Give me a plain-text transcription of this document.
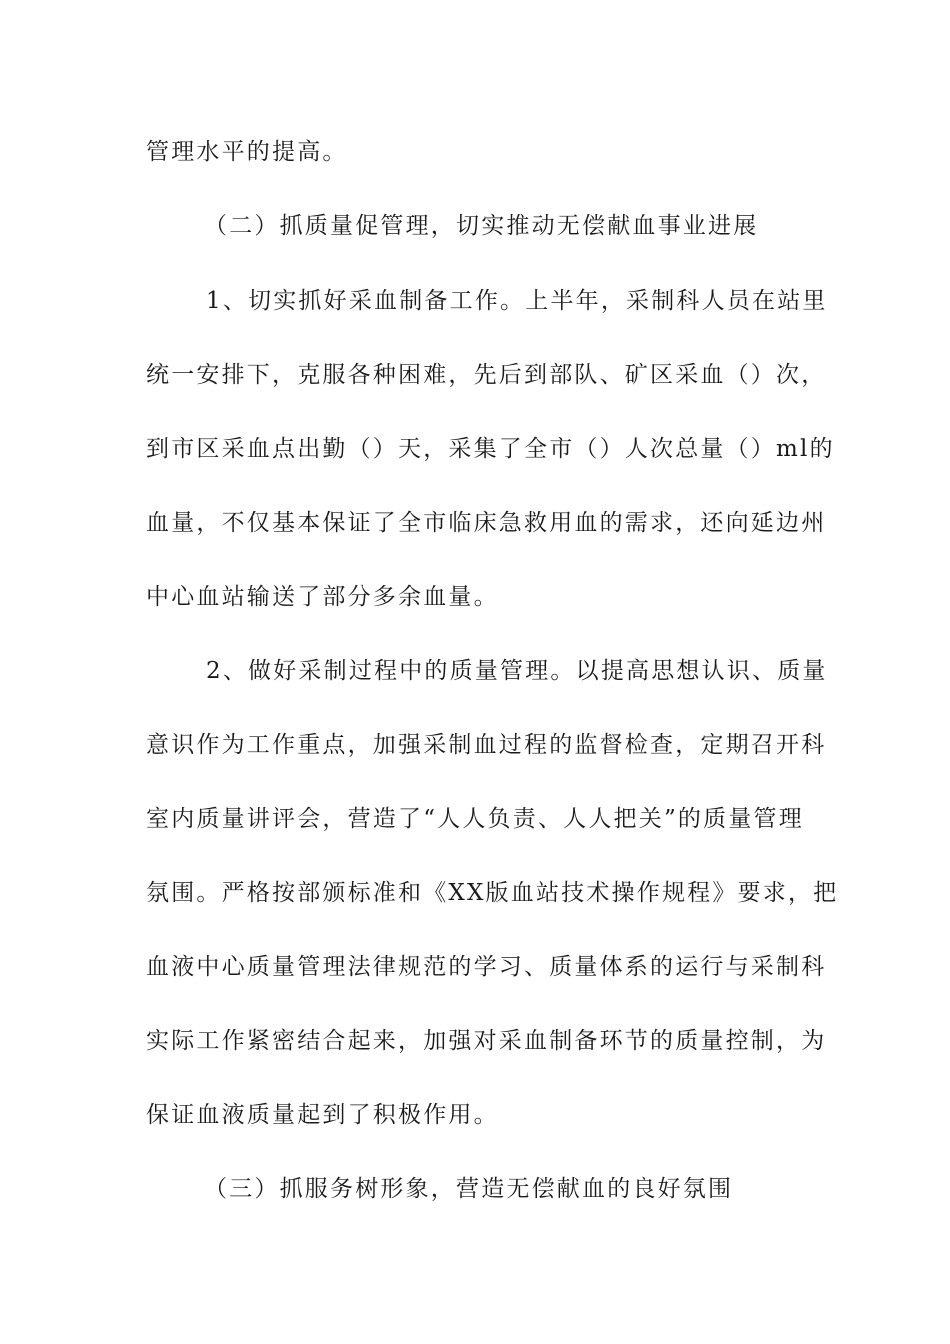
管理水平的提高。
（二）抓质量促管理，切实推动无偿献血事业进展
1、切实抓好采血制备工作。上半年，采制科人员在站里
统一安排下，克服各种困难，先后到部队、矿区采血（）次，
到市区采血点出勤（）天，采集了全市（）人次总量（）ml的
血量，不仅基本保证了全市临床急救用血的需求，还向延边州
中心血站输送了部分多余血量。
2、做好采制过程中的质量管理。以提高思想认识、质量
意识作为工作重点，加强采制血过程的监督检查，定期召开科
室内质量讲评会，营造了“人人负责、人人把关”的质量管理
氛围。严格按部颁标准和《XX版血站技术操作规程》要求，把
血液中心质量管理法律规范的学习、质量体系的运行与采制科
实际工作紧密结合起来，加强对采血制备环节的质量控制，为
保证血液质量起到了积极作用。
（三）抓服务树形象，营造无偿献血的良好氛围
